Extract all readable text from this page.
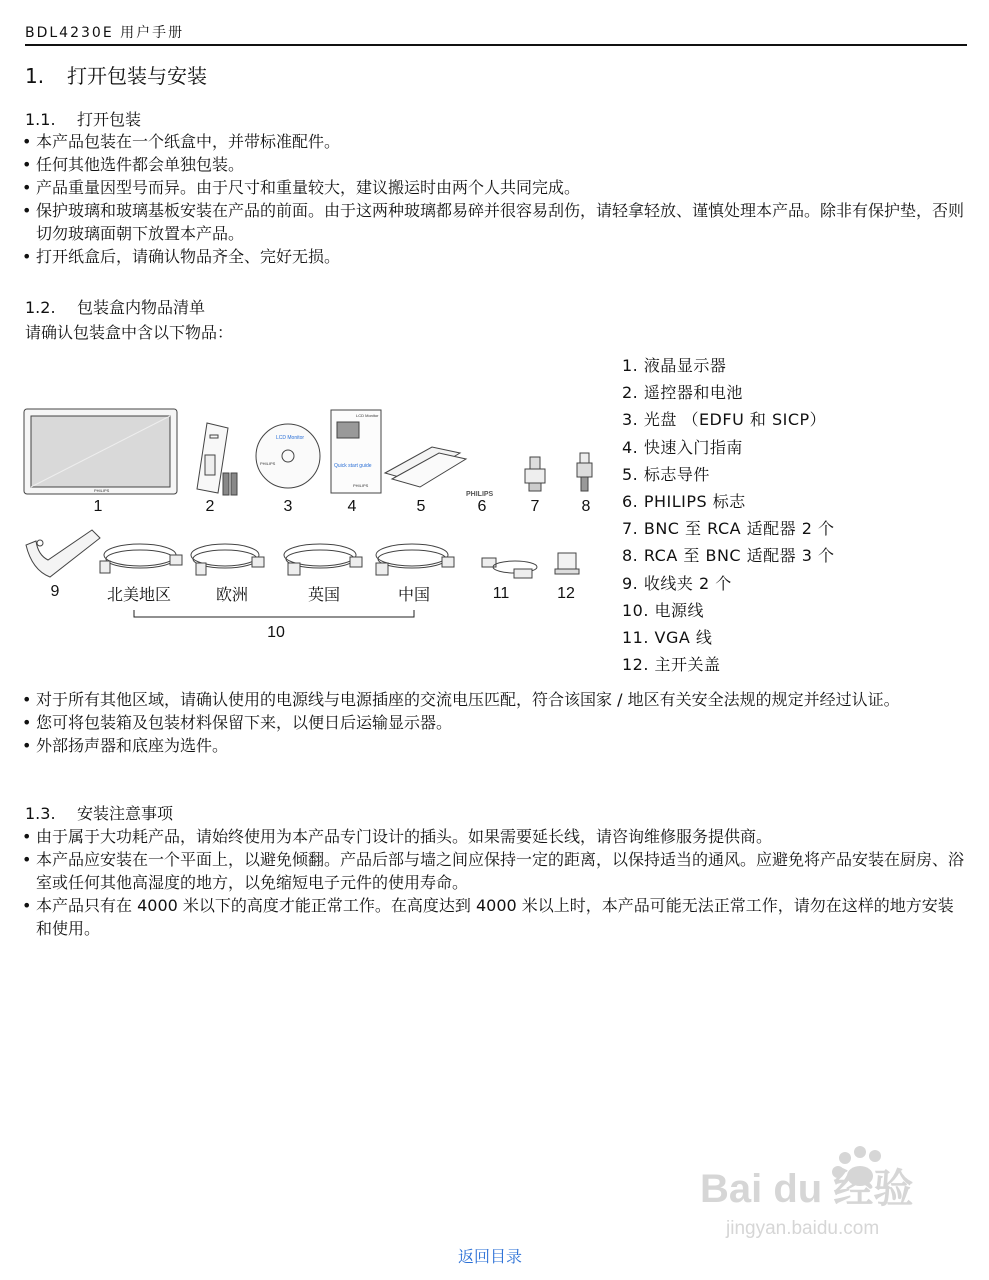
BDL4230E 用户手册
1. 打开包装与安装
1.1. 打开包装
• 本产品包装在一个纸盒中，并带标准配件。
• 任何其他选件都会单独包装。
• 产品重量因型号而异。由于尺寸和重量较大，建议搬运时由两个人共同完成。
• 保护玻璃和玻璃基板安装在产品的前面。由于这两种玻璃都易碎并很容易刮伤，请轻拿轻放、谨慎处理本产品。除非有保护垫，否则切勿玻璃面朝下放置本产品。
• 打开纸盒后，请确认物品齐全、完好无损。
1.2. 包装盒内物品清单
请确认包装盒中含以下物品：
PHILIPS
LCD Monitor
PHILIPS
LCD Monitor
Quick start guide
PHILIPS
PHILIPS
1	2	3	4	5	6	7	8
9	北美地区	欧洲	英国	中国	11	12
10
1. 液晶显示器
2. 遥控器和电池
3. 光盘 （EDFU 和 SICP）
4. 快速入门指南
5. 标志导件
6. PHILIPS 标志
7. BNC 至 RCA 适配器 2 个
8. RCA 至 BNC 适配器 3 个
9. 收线夹 2 个
10. 电源线
11. VGA 线
12. 主开关盖
• 对于所有其他区域，请确认使用的电源线与电源插座的交流电压匹配，符合该国家 / 地区有关安全法规的规定并经过认证。
• 您可将包装箱及包装材料保留下来，以便日后运输显示器。
• 外部扬声器和底座为选件。
1.3. 安装注意事项
• 由于属于大功耗产品，请始终使用为本产品专门设计的插头。如果需要延长线，请咨询维修服务提供商。
• 本产品应安装在一个平面上，以避免倾翻。产品后部与墙之间应保持一定的距离，以保持适当的通风。应避免将产品安装在厨房、浴室或任何其他高湿度的地方，以免缩短电子元件的使用寿命。
• 本产品只有在 4000 米以下的高度才能正常工作。在高度达到 4000 米以上时，本产品可能无法正常工作，请勿在这样的地方安装和使用。
Bai du 经验
jingyan.baidu.com
返回目录
